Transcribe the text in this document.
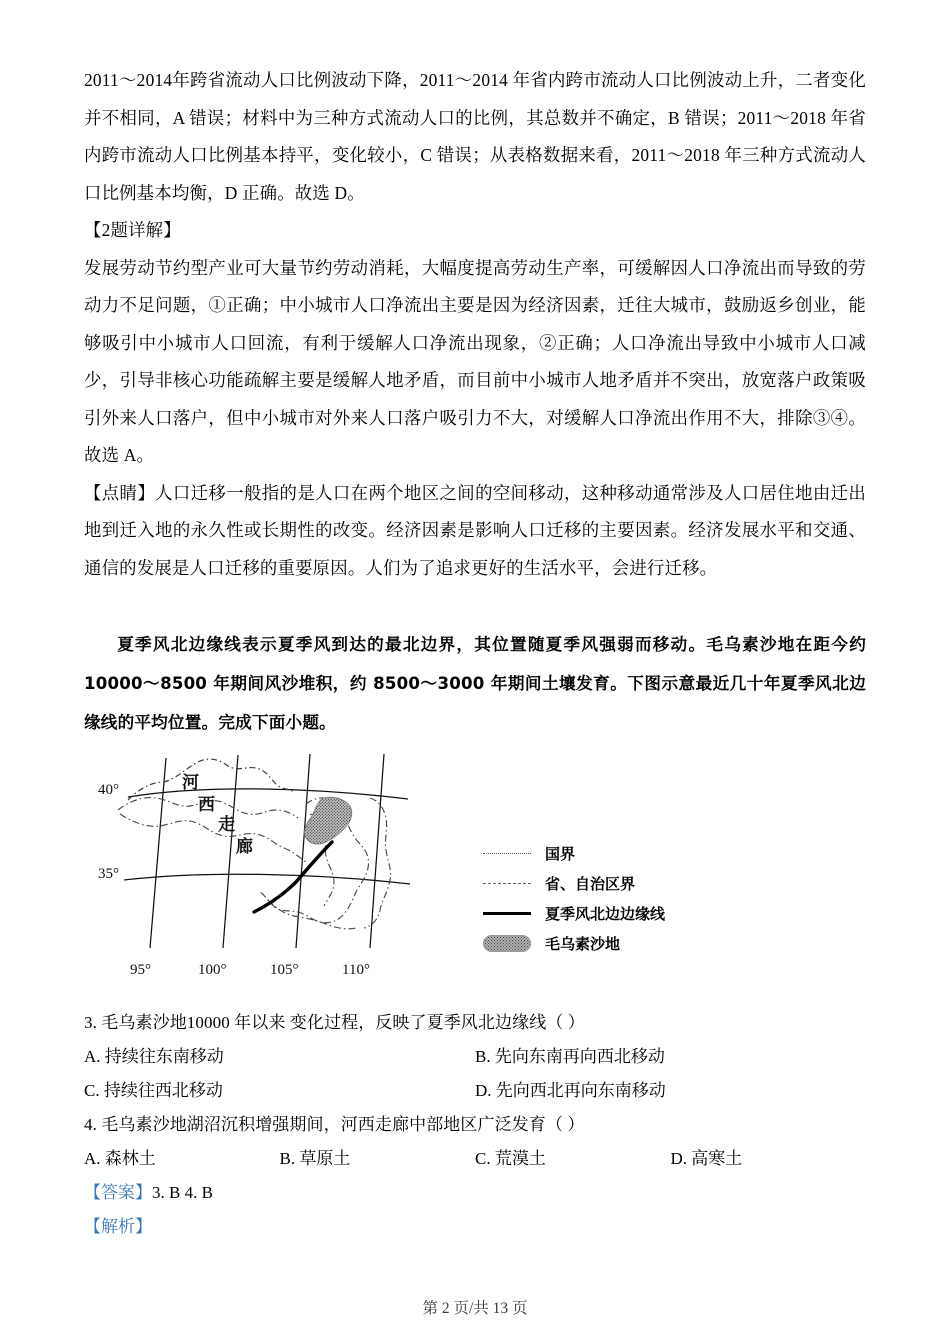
2011～2014年跨省流动人口比例波动下降，2011～2014 年省内跨市流动人口比例波动上升，二者变化并不相同，A 错误；材料中为三种方式流动人口的比例，其总数并不确定，B 错误；2011～2018 年省内跨市流动人口比例基本持平，变化较小，C 错误；从表格数据来看，2011～2018 年三种方式流动人口比例基本均衡，D 正确。故选 D。

【2题详解】

发展劳动节约型产业可大量节约劳动消耗，大幅度提高劳动生产率，可缓解因人口净流出而导致的劳动力不足问题，①正确；中小城市人口净流出主要是因为经济因素，迁往大城市，鼓励返乡创业，能够吸引中小城市人口回流，有利于缓解人口净流出现象，②正确；人口净流出导致中小城市人口减少，引导非核心功能疏解主要是缓解人地矛盾，而目前中小城市人地矛盾并不突出，放宽落户政策吸引外来人口落户，但中小城市对外来人口落户吸引力不大，对缓解人口净流出作用不大，排除③④。故选 A。

【点睛】人口迁移一般指的是人口在两个地区之间的空间移动，这种移动通常涉及人口居住地由迁出地到迁入地的永久性或长期性的改变。经济因素是影响人口迁移的主要因素。经济发展水平和交通、通信的发展是人口迁移的重要原因。人们为了追求更好的生活水平，会进行迁移。

夏季风北边缘线表示夏季风到达的最北边界，其位置随夏季风强弱而移动。毛乌素沙地在距今约10000～8500 年期间风沙堆积，约 8500～3000 年期间土壤发育。下图示意最近几十年夏季风北边缘线的平均位置。完成下面小题。

40°
35°
95°	100°	105°	110°
河
西
走
廊	国界
省、自治区界
夏季风北边边缘线
毛乌素沙地

3. 毛乌素沙地10000 年以来 变化过程，反映了夏季风北边缘线（ ）

A. 持续往东南移动	B. 先向东南再向西北移动
C. 持续往西北移动	D. 先向西北再向东南移动

4. 毛乌素沙地湖沼沉积增强期间，河西走廊中部地区广泛发育（ ）

A. 森林土	B. 草原土	C. 荒漠土	D. 高寒土

【答案】3. B 4. B

【解析】

第 2 页/共 13 页
